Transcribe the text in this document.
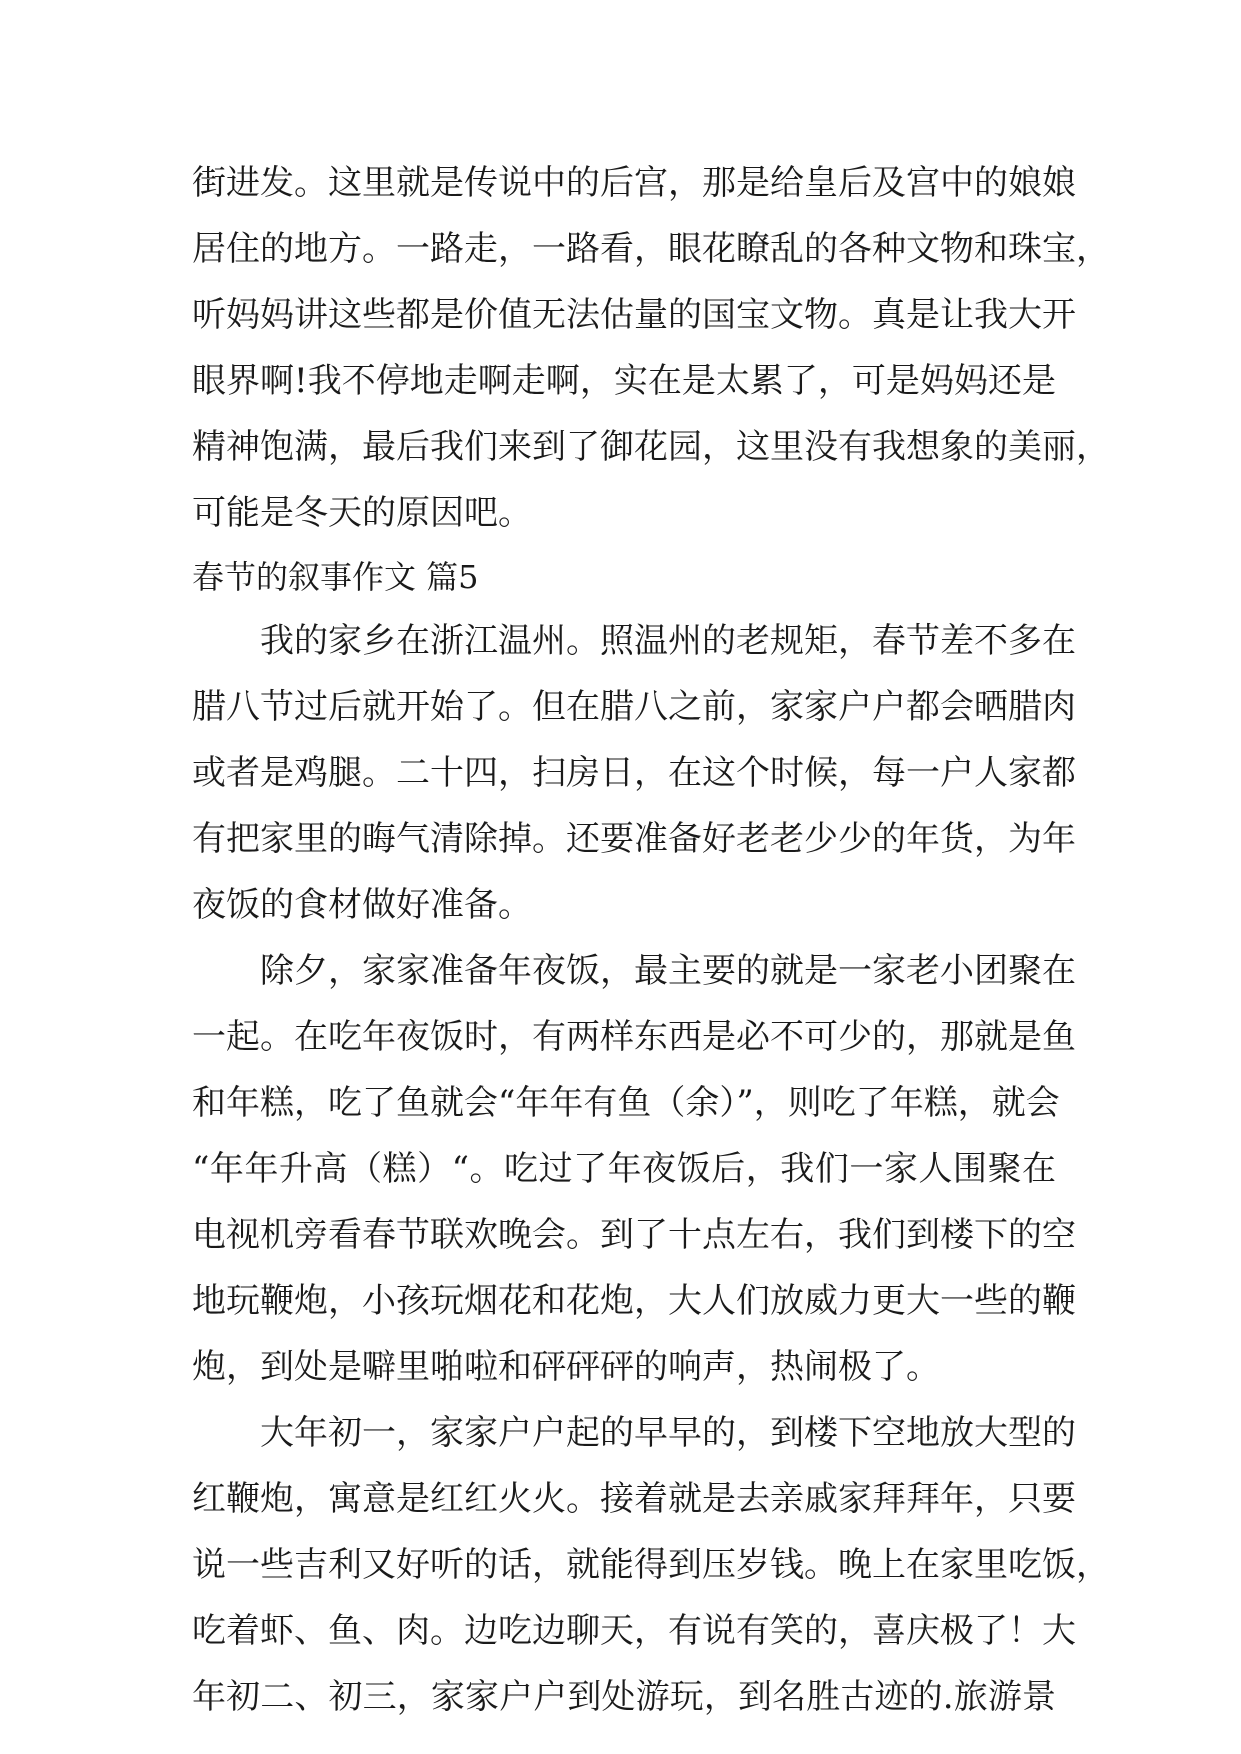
街进发。这里就是传说中的后宫，那是给皇后及宫中的娘娘
居住的地方。一路走，一路看，眼花瞭乱的各种文物和珠宝，
听妈妈讲这些都是价值无法估量的国宝文物。真是让我大开
眼界啊!我不停地走啊走啊，实在是太累了，可是妈妈还是
精神饱满，最后我们来到了御花园，这里没有我想象的美丽，
可能是冬天的原因吧。
春节的叙事作文 篇5
我的家乡在浙江温州。照温州的老规矩，春节差不多在
腊八节过后就开始了。但在腊八之前，家家户户都会晒腊肉
或者是鸡腿。二十四，扫房日，在这个时候，每一户人家都
有把家里的晦气清除掉。还要准备好老老少少的年货，为年
夜饭的食材做好准备。
除夕，家家准备年夜饭，最主要的就是一家老小团聚在
一起。在吃年夜饭时，有两样东西是必不可少的，那就是鱼
和年糕，吃了鱼就会“年年有鱼（余）”，则吃了年糕，就会
“年年升高（糕）“。吃过了年夜饭后，我们一家人围聚在
电视机旁看春节联欢晚会。到了十点左右，我们到楼下的空
地玩鞭炮，小孩玩烟花和花炮，大人们放威力更大一些的鞭
炮，到处是噼里啪啦和砰砰砰的响声，热闹极了。
大年初一，家家户户起的早早的，到楼下空地放大型的
红鞭炮，寓意是红红火火。接着就是去亲戚家拜拜年，只要
说一些吉利又好听的话，就能得到压岁钱。晚上在家里吃饭，
吃着虾、鱼、肉。边吃边聊天，有说有笑的，喜庆极了！大
年初二、初三，家家户户到处游玩，到名胜古迹的.旅游景
